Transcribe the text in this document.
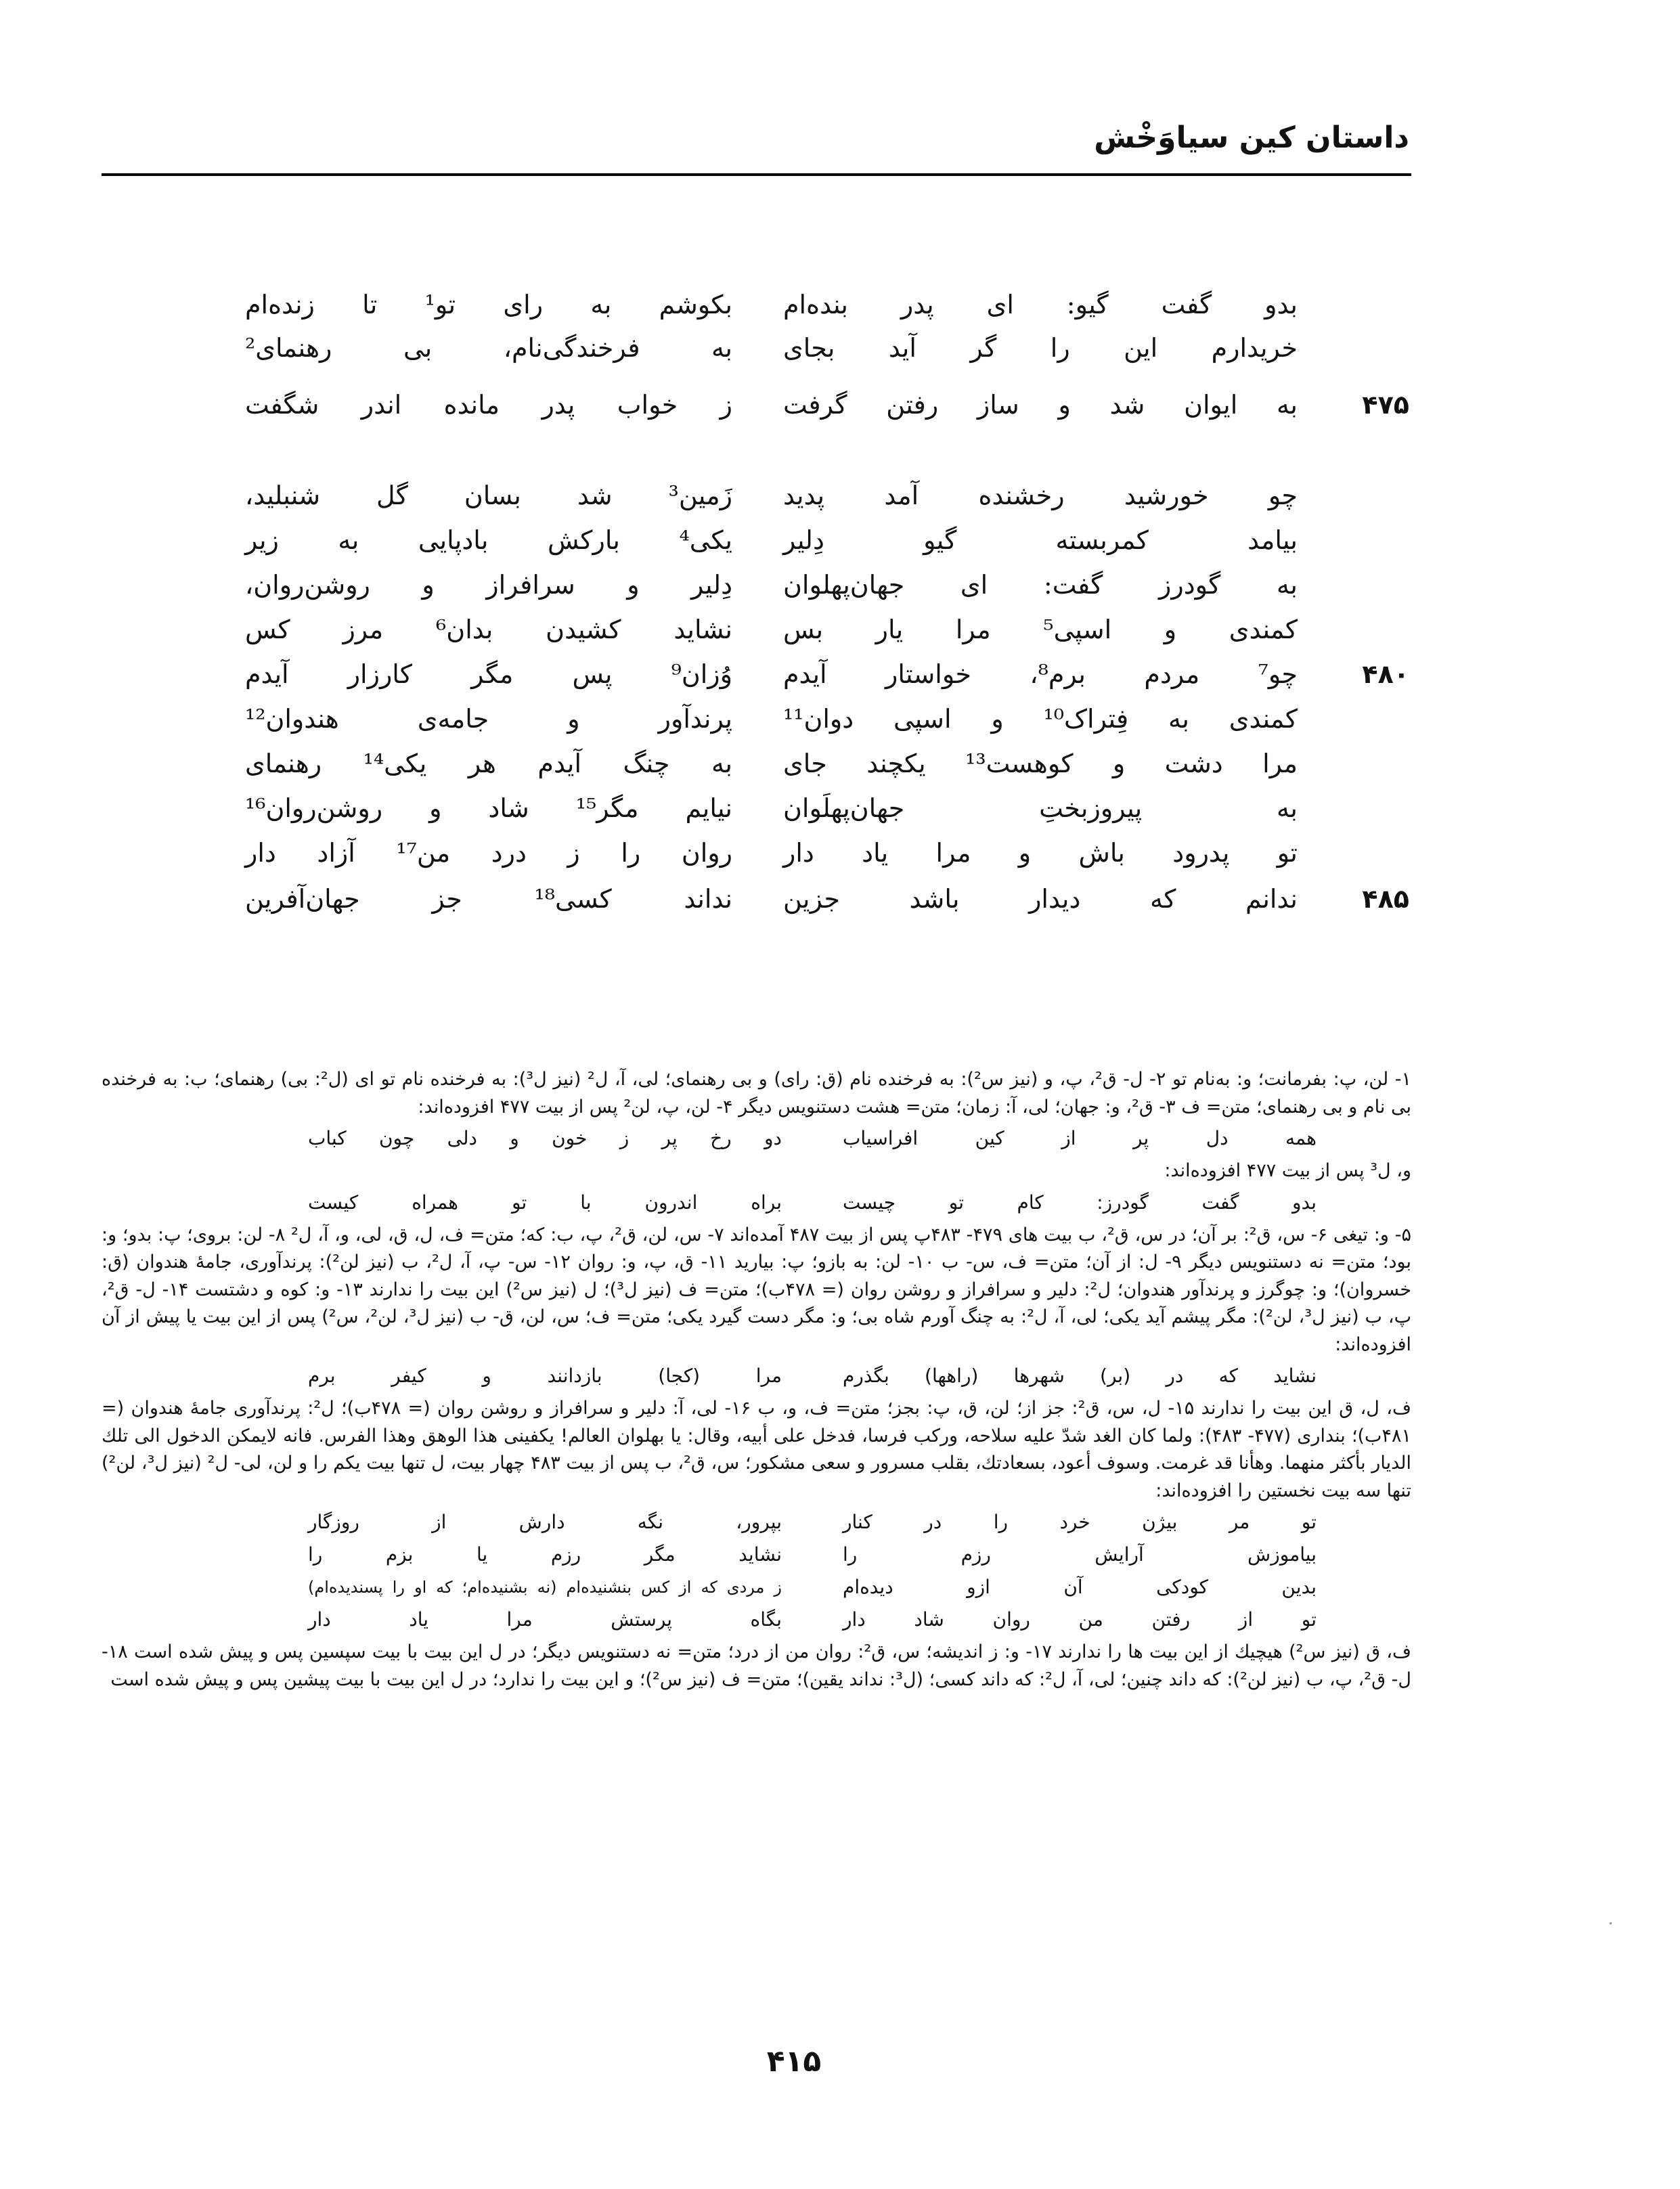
داستان کین سیاوَخْش
بدو گفت گیو: ای پدر بنده‌ام
بکوشم به رای تو¹ تا زنده‌ام
خریدارم این را گر آید بجای
به فرخندگی‌نام، بی رهنمای²
۴۷۵
به ایوان شد و ساز رفتن گرفت
ز خواب پدر مانده اندر شگفت
چو خورشید رخشنده آمد پدید
زَمین³ شد بسان گل شنبلید،
بیامد کمربسته گیو دِلیر
یکی⁴ بارکش بادپایی به زیر
به گودرز گفت: ای جهان‌پهلوان
دِلیر و سرافراز و روشن‌روان،
کمندی و اسپی⁵ مرا یار بس
نشاید کشیدن بدان⁶ مرز کس
۴۸۰
چو⁷ مردم برم⁸، خواستار آیدم
وُزان⁹ پس مگر کارزار آیدم
کمندی به فِتراک¹⁰ و اسپی دوان¹¹
پرندآور و جامه‌ی هندوان¹²
مرا دشت و کوهست¹³ یکچند جای
به چنگ آیدم هر یکی¹⁴ رهنمای
به پیروزبختِ جهان‌پهلَوان
نیایم مگر¹⁵ شاد و روشن‌روان¹⁶
تو پدرود باش و مرا یاد دار
روان را ز درد من¹⁷ آزاد دار
۴۸۵
ندانم که دیدار باشد جزین
نداند کسی¹⁸ جز جهان‌آفرین

۱- لن، پ: بفرمانت؛ و: به‌نام تو ۲- ل- ق²، پ، و (نیز س²): به فرخنده نام (ق: رای) و بی رهنمای؛ لی، آ، ل² (نیز ل³): به فرخنده نام تو ای (ل²: بی) رهنمای؛ ب: به فرخنده بی نام و بی رهنمای؛ متن= ف ۳- ق²، و: جهان؛ لی، آ: زمان؛ متن= هشت دستنویس دیگر ۴- لن، پ، لن² پس از بیت ۴۷۷ افزوده‌اند:

همه دل پر از کین افراسیاب
دو رخ پر ز خون و دلی چون کباب

و، ل³ پس از بیت ۴۷۷ افزوده‌اند:

بدو گفت گودرز: کام تو چیست
براه اندرون با تو همراه کیست

۵- و: تیغی ۶- س، ق²: بر آن؛ در س، ق²، ب بیت های ۴۷۹- ۴۸۳پ پس از بیت ۴۸۷ آمده‌اند ۷- س، لن، ق²، پ، ب: که؛ متن= ف، ل، ق، لی، و، آ، ل² ۸- لن: بروی؛ پ: بدو؛ و: بود؛ متن= نه دستنویس دیگر ۹- ل: از آن؛ متن= ف، س- ب ۱۰- لن: به بازو؛ پ: بیارید ۱۱- ق، پ، و: روان ۱۲- س- پ، آ، ل²، ب (نیز لن²): پرندآوری، جامهٔ هندوان (ق: خسروان)؛ و: چوگرز و پرندآور هندوان؛ ل²: دلیر و سرافراز و روشن روان (= ۴۷۸ب)؛ متن= ف (نیز ل³)؛ ل (نیز س²) این بیت را ندارند ۱۳- و: کوه و دشتست ۱۴- ل- ق²، پ، ب (نیز ل³، لن²): مگر پیشم آید یکی؛ لی، آ، ل²: به چنگ آورم شاه بی؛ و: مگر دست گیرد یکی؛ متن= ف؛ س، لن، ق- ب (نیز ل³، لن²، س²) پس از این بیت یا پیش از آن افزوده‌اند:

نشاید که در (بر) شهرها (راهها) بگذرم
مرا (کجا) بازدانند و کیفر برم

ف، ل، ق این بیت را ندارند ۱۵- ل، س، ق²: جز از؛ لن، ق، پ: بجز؛ متن= ف، و، ب ۱۶- لی، آ: دلیر و سرافراز و روشن روان (= ۴۷۸ب)؛ ل²: پرندآوری جامهٔ هندوان (= ۴۸۱ب)؛ بنداری (۴۷۷- ۴۸۳): ولما کان الغد شدّ علیه سلاحه، ورکب فرسا، فدخل علی أبیه، وقال: یا بهلوان العالم! یکفینی هذا الوهق وهذا الفرس. فانه لایمکن الدخول الی تلك الدیار بأکثر منهما. وهأنا قد غرمت. وسوف أعود، بسعادتك، بقلب مسرور و سعی مشکور؛ س، ق²، ب پس از بیت ۴۸۳ چهار بیت، ل تنها بیت یکم را و لن، لی- ل² (نیز ل³، لن²) تنها سه بیت نخستین را افزوده‌اند:

تو مر بیژن خرد را در کنار
بپرور، نگه دارش از روزگار
بیاموزش آرایش رزم را
نشاید مگر رزم یا بزم را
بدین کودکی آن ازو دیده‌ام
ز مردی که از کس بنشنیده‌ام (نه بشنیده‌ام؛ که او را پسندیده‌ام)
تو از رفتن من روان شاد دار
بگاه پرستش مرا یاد دار

ف، ق (نیز س²) هیچیك از این بیت ها را ندارند ۱۷- و: ز اندیشه؛ س، ق²: روان من از درد؛ متن= نه دستنویس دیگر؛ در ل این بیت با بیت سپسین پس و پیش شده است ۱۸- ل- ق²، پ، ب (نیز لن²): که داند چنین؛ لی، آ، ل²: که داند کسی؛ (ل³: نداند یقین)؛ متن= ف (نیز س²)؛ و این بیت را ندارد؛ در ل این بیت با بیت پیشین پس و پیش شده است

۴۱۵
